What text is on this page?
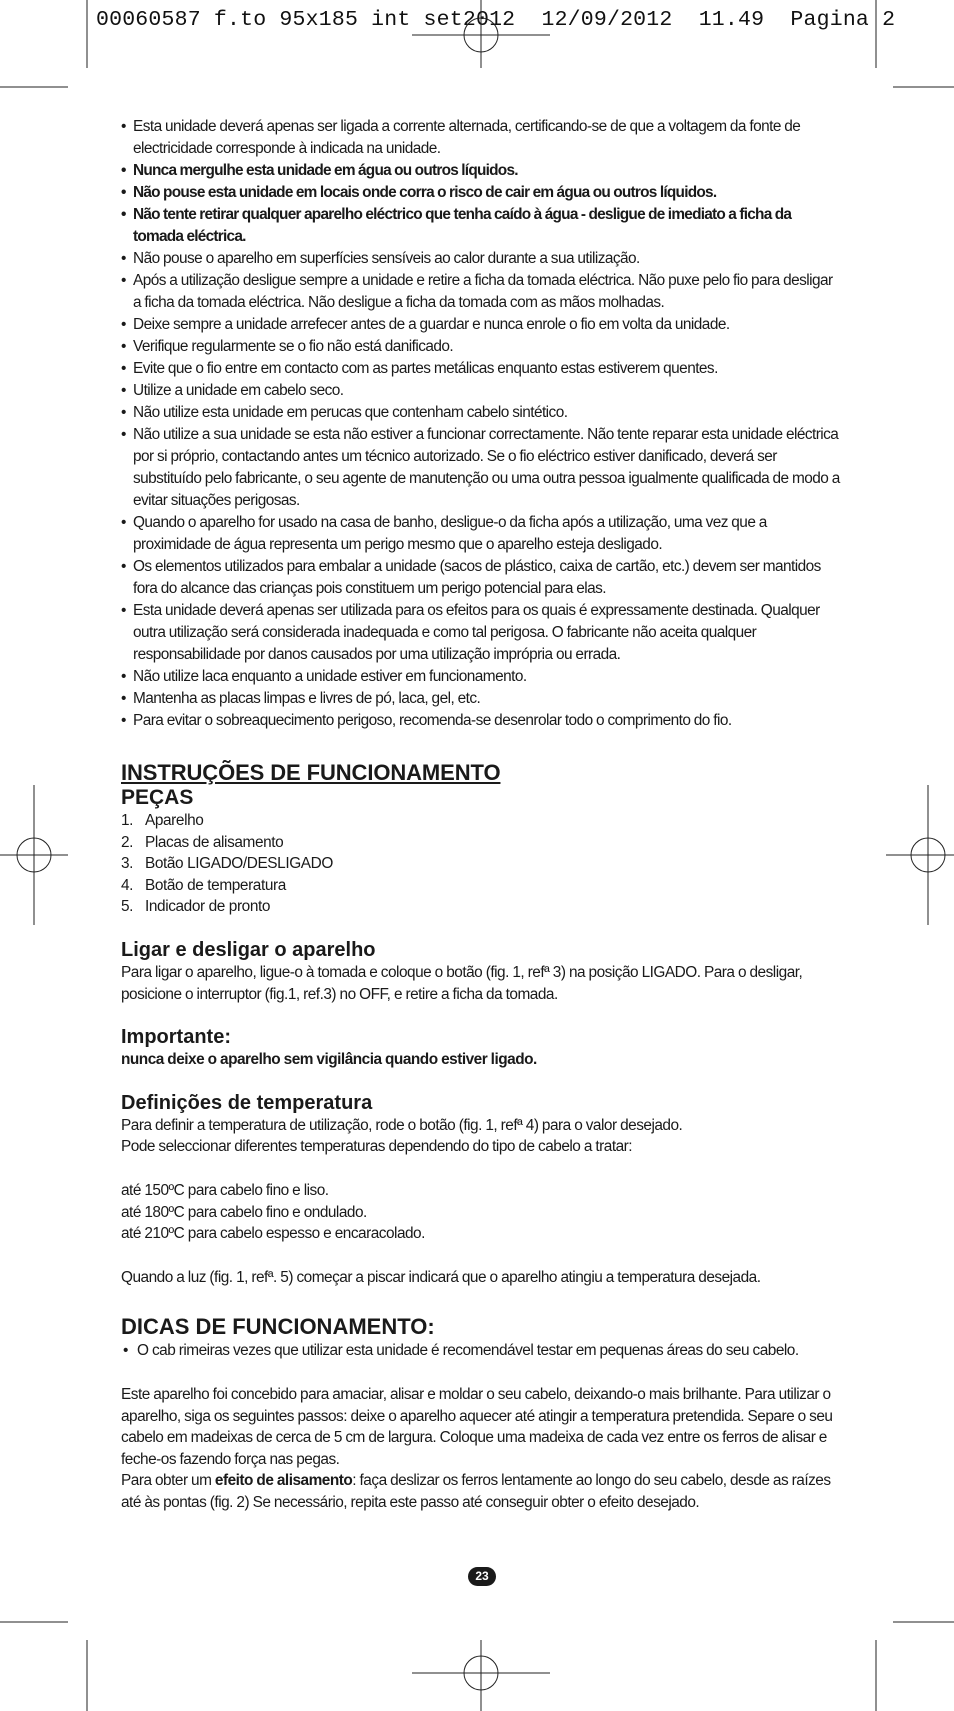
00060587 f.to 95x185 int set2012  12/09/2012  11.49  Pagina 2
• Esta unidade deverá apenas ser ligada a corrente alternada, certificando-se de que a voltagem da fonte de electricidade corresponde à indicada na unidade.
• Nunca mergulhe esta unidade em água ou outros líquidos.
• Não pouse esta unidade em locais onde corra o risco de cair em água ou outros líquidos.
• Não tente retirar qualquer aparelho eléctrico que tenha caído à água - desligue de imediato a ficha da tomada eléctrica.
• Não pouse o aparelho em superfícies sensíveis ao calor durante a sua utilização.
• Após a utilização desligue sempre a unidade e retire a ficha da tomada eléctrica. Não puxe pelo fio para desligar a ficha da tomada eléctrica. Não desligue a ficha da tomada com as mãos molhadas.
• Deixe sempre a unidade arrefecer antes de a guardar e nunca enrole o fio em volta da unidade.
• Verifique regularmente se o fio não está danificado.
• Evite que o fio entre em contacto com as partes metálicas enquanto estas estiverem quentes.
• Utilize a unidade em cabelo seco.
• Não utilize esta unidade em perucas que contenham cabelo sintético.
• Não utilize a sua unidade se esta não estiver a funcionar correctamente. Não tente reparar esta unidade eléctrica por si próprio, contactando antes um técnico autorizado. Se o fio eléctrico estiver danificado, deverá ser substituído pelo fabricante, o seu agente de manutenção ou uma outra pessoa igualmente qualificada de modo a evitar situações perigosas.
• Quando o aparelho for usado na casa de banho, desligue-o da ficha após a utilização, uma vez que a proximidade de água representa um perigo mesmo que o aparelho esteja desligado.
• Os elementos utilizados para embalar a unidade (sacos de plástico, caixa de cartão, etc.) devem ser mantidos fora do alcance das crianças pois constituem um perigo potencial para elas.
• Esta unidade deverá apenas ser utilizada para os efeitos para os quais é expressamente destinada. Qualquer outra utilização será considerada inadequada e como tal perigosa. O fabricante não aceita qualquer responsabilidade por danos causados por uma utilização imprópria ou errada.
• Não utilize laca enquanto a unidade estiver em funcionamento.
• Mantenha as placas limpas e livres de pó, laca, gel, etc.
• Para evitar o sobreaquecimento perigoso, recomenda-se desenrolar todo o comprimento do fio.
INSTRUÇÕES DE FUNCIONAMENTO
PEÇAS
1. Aparelho
2. Placas de alisamento
3. Botão LIGADO/DESLIGADO
4. Botão de temperatura
5. Indicador de pronto
Ligar e desligar o aparelho

Para ligar o aparelho, ligue-o à tomada e coloque o botão (fig. 1, refª 3) na posição LIGADO. Para o desligar, posicione o interruptor (fig.1, ref.3) no OFF, e retire a ficha da tomada.

Importante:

nunca deixe o aparelho sem vigilância quando estiver ligado.

Definições de temperatura

Para definir a temperatura de utilização, rode o botão (fig. 1, refª 4) para o valor desejado.

Pode seleccionar diferentes temperaturas dependendo do tipo de cabelo a tratar:

até 150ºC para cabelo fino e liso.

até 180ºC para cabelo fino e ondulado.

até 210ºC para cabelo espesso e encaracolado.

Quando a luz (fig. 1, refª. 5) começar a piscar indicará que o aparelho atingiu a temperatura desejada.

DICAS DE FUNCIONAMENTO:

• O cab rimeiras vezes que utilizar esta unidade é recomendável testar em pequenas áreas do seu cabelo.

Este aparelho foi concebido para amaciar, alisar e moldar o seu cabelo, deixando-o mais brilhante. Para utilizar o aparelho, siga os seguintes passos: deixe o aparelho aquecer até atingir a temperatura pretendida. Separe o seu cabelo em madeixas de cerca de 5 cm de largura. Coloque uma madeixa de cada vez entre os ferros de alisar e feche-os fazendo força nas pegas.

Para obter um efeito de alisamento: faça deslizar os ferros lentamente ao longo do seu cabelo, desde as raízes até às pontas (fig. 2) Se necessário, repita este passo até conseguir obter o efeito desejado.

23
